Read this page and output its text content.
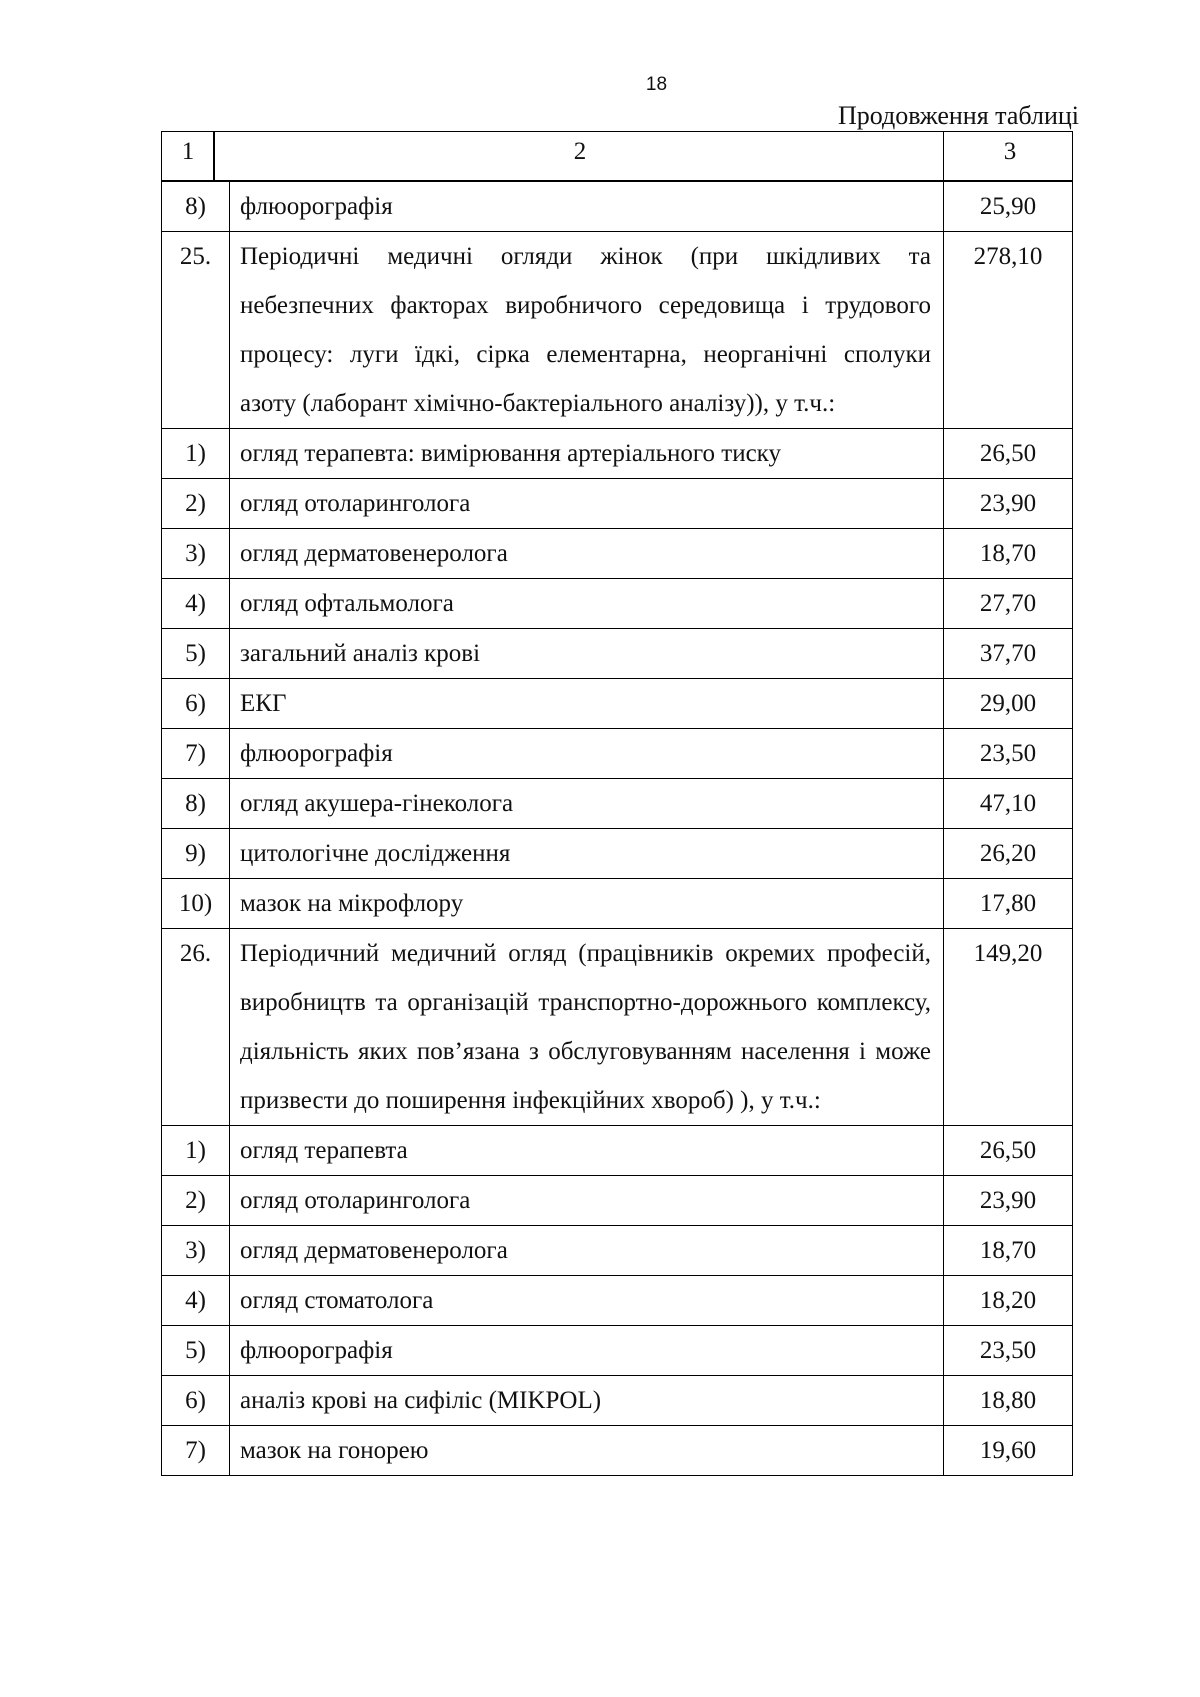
18
Продовження таблиці
1	2	3
8)	флюорографія	25,90
25.	Періодичні медичні огляди жінок (при шкідливих та небезпечних факторах виробничого середовища і трудового процесу: луги їдкі, сірка елементарна, неорганічні сполуки азоту (лаборант хімічно-бактеріального аналізу)), у т.ч.:	278,10
1)	огляд терапевта: вимірювання артеріального тиску	26,50
2)	огляд отоларинголога	23,90
3)	огляд дерматовенеролога	18,70
4)	огляд офтальмолога	27,70
5)	загальний аналіз крові	37,70
6)	ЕКГ	29,00
7)	флюорографія	23,50
8)	огляд акушера-гінеколога	47,10
9)	цитологічне дослідження	26,20
10)	мазок на мікрофлору	17,80
26.	Періодичний медичний огляд (працівників окремих професій, виробництв та організацій транспортно-дорожнього комплексу, діяльність яких пов’язана з обслуговуванням населення і може призвести до поширення інфекційних хвороб) ), у т.ч.:	149,20
1)	огляд терапевта	26,50
2)	огляд отоларинголога	23,90
3)	огляд дерматовенеролога	18,70
4)	огляд стоматолога	18,20
5)	флюорографія	23,50
6)	аналіз крові на сифіліс (MIKPOL)	18,80
7)	мазок на гонорею	19,60
